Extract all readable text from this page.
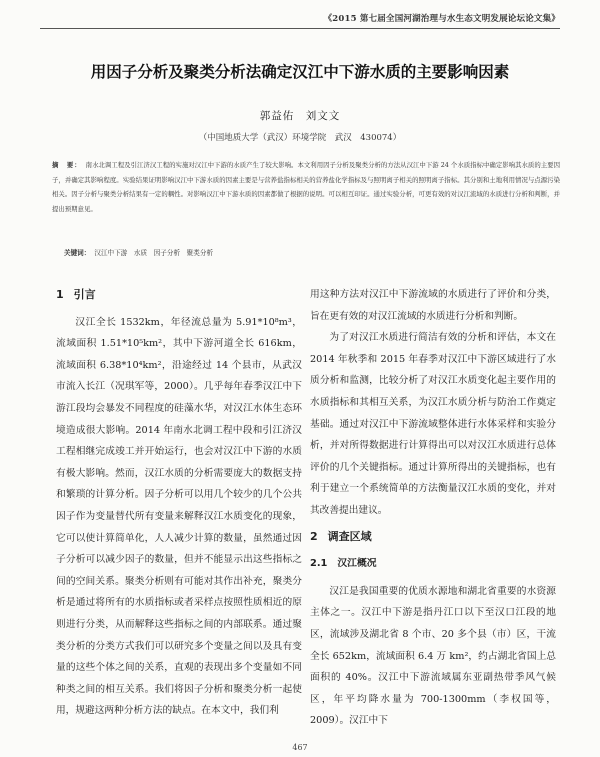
《2015 第七届全国河湖治理与水生态文明发展论坛论文集》
用因子分析及聚类分析法确定汉江中下游水质的主要影响因素
郭益佑　刘文文
（中国地质大学（武汉）环境学院　武汉　430074）
摘　要： 南水北调工程及引江济汉工程的实施对汉江中下游的水质产生了较大影响。本文利用因子分析及聚类分析的方法从汉江中下游 24 个水质指标中确定影响其水质的主要因子，并确定其影响程度。实验结果证明影响汉江中下游水质的因素主要是与营养盐指标相关的营养盐化学指标及与照明离子相关的照明离子指标。其分别和土地利用情况与点源污染相关。因子分析与聚类分析结果有一定的耦性。对影响汉江中下游水质的因素都做了根据的说明。可以相互印证。通过实验分析，可更有效的对汉江流域的水质进行分析和判断，并提出预期意见。
关键词： 汉江中下游　水质　因子分析　聚类分析
1 引言

汉江全长 1532km，年径流总量为 5.91*10⁸m³，流域面积 1.51*10⁵km²，其中下游河道全长 616km，流域面积 6.38*10⁴km²，沿途经过 14 个县市，从武汉市流入长江（况琪军等，2000）。几乎每年春季汉江中下游江段均会暴发不同程度的硅藻水华，对汉江水体生态环境造成很大影响。2014 年南水北调工程中段和引江济汉工程相继完成竣工并开始运行，也会对汉江中下游的水质有极大影响。然而，汉江水质的分析需要庞大的数据支持和繁琐的计算分析。因子分析可以用几个较少的几个公共因子作为变量替代所有变量来解释汉江水质变化的现象，它可以使计算简单化，人人减少计算的数量，虽然通过因子分析可以减少因子的数量，但并不能显示出这些指标之间的空间关系。聚类分析则有可能对其作出补充，聚类分析是通过将所有的水质指标或者采样点按照性质相近的原则进行分类，从而解释这些指标之间的内部联系。通过聚类分析的分类方式我们可以研究多个变量之间以及具有变量的这些个体之间的关系，直观的表现出多个变量如不同种类之间的相互关系。我们将因子分析和聚类分析一起使用，规避这两种分析方法的缺点。在本文中，我们利

用这种方法对汉江中下游流域的水质进行了评价和分类，旨在更有效的对汉江流域的水质进行分析和判断。

为了对汉江水质进行简洁有效的分析和评估，本文在 2014 年秋季和 2015 年春季对汉江中下游区域进行了水质分析和监测，比较分析了对汉江水质变化起主要作用的水质指标和其相互关系，为汉江水质分析与防治工作奠定基础。通过对汉江中下游流域整体进行水体采样和实验分析，并对所得数据进行计算得出可以对汉江水质进行总体评价的几个关键指标。通过计算所得出的关键指标，也有利于建立一个系统简单的方法衡量汉江水质的变化，并对其改善提出建议。

2 调查区域
2.1 汉江概况

汉江是我国重要的优质水源地和湖北省重要的水资源主体之一。汉江中下游是指丹江口以下至汉口江段的地区，流域涉及湖北省 8 个市、20 多个县（市）区，干流全长 652km，流域面积 6.4 万 km²，约占湖北省国上总面积的 40%。汉江中下游流域属东亚副热带季风气候区，年平均降水量为 700-1300mm（李权国等，2009）。汉江中下

467
